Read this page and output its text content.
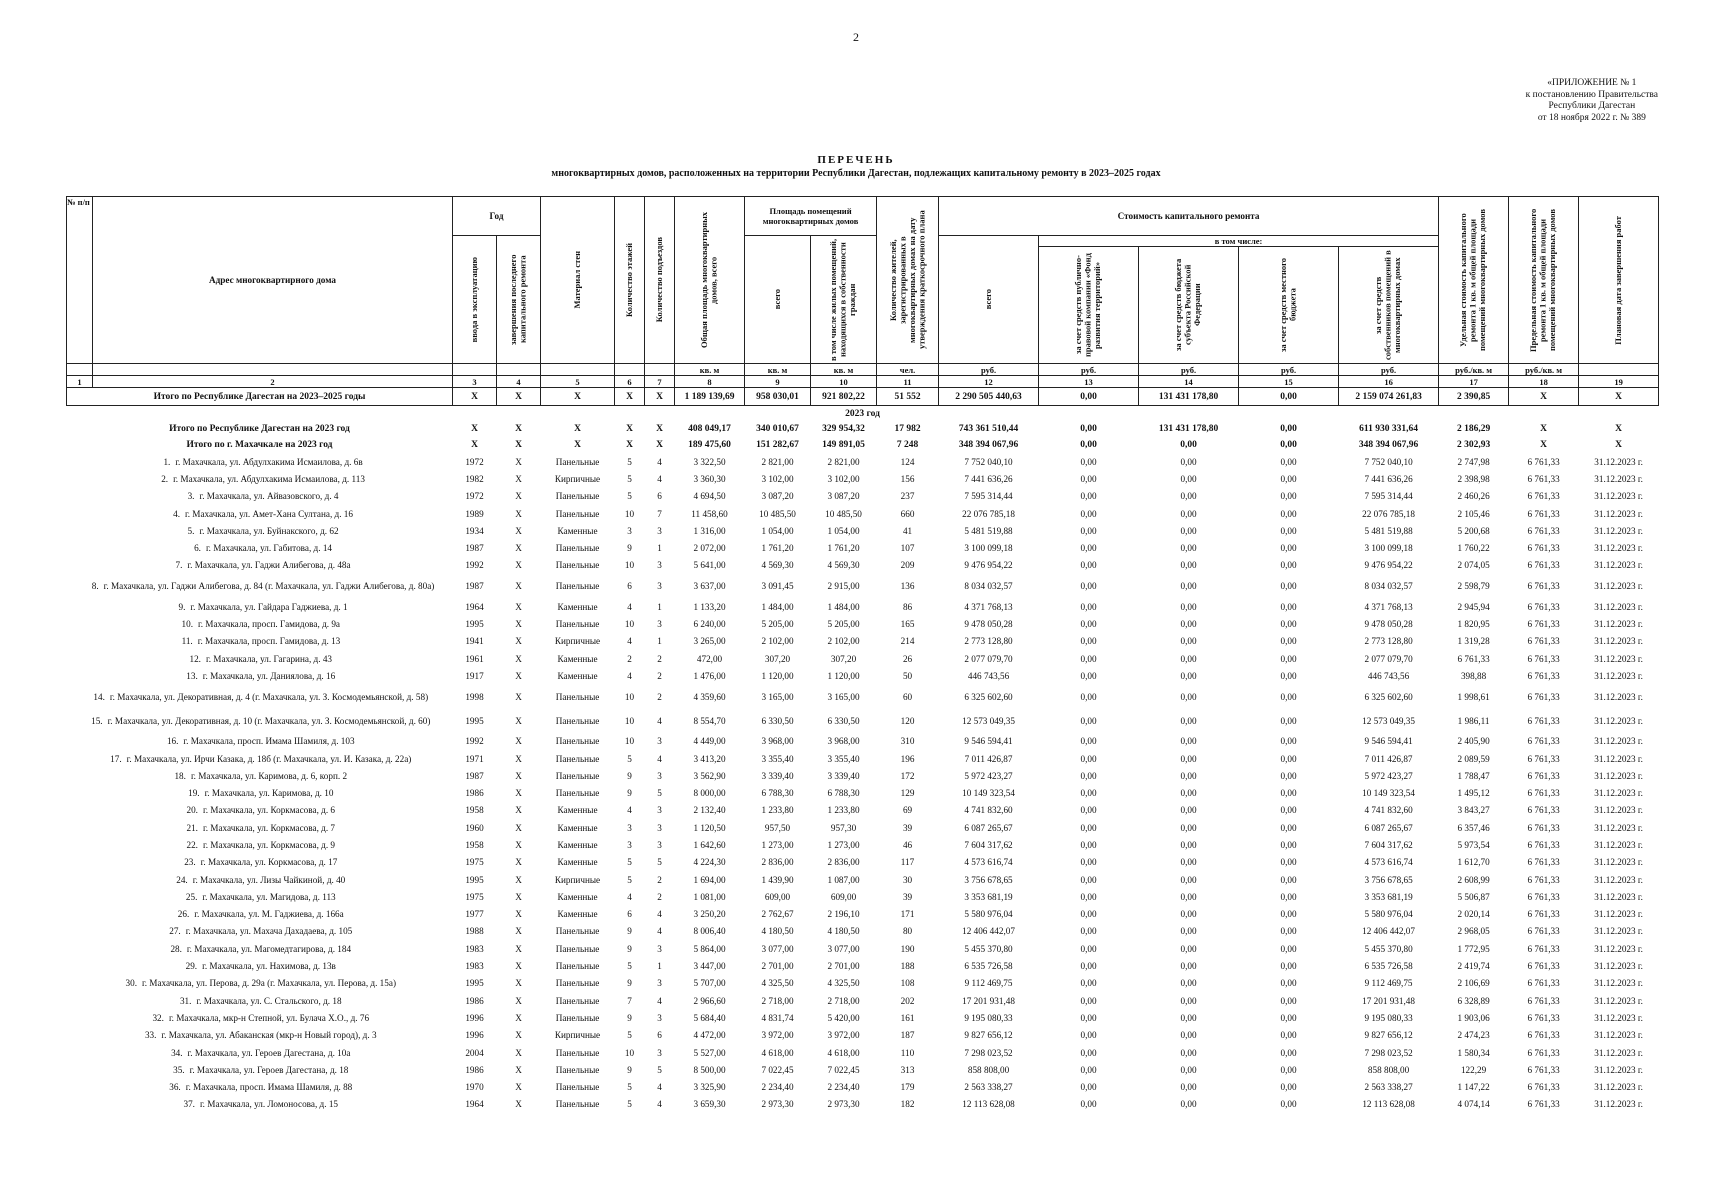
2
«ПРИЛОЖЕНИЕ № 1
к постановлению Правительства
Республики Дагестан
от 18 ноября 2022 г. № 389
ПЕРЕЧЕНЬ
многоквартирных домов, расположенных на территории Республики Дагестан, подлежащих капитальному ремонту в 2023–2025 годах
№ п/п	Адрес многоквартирного дома	Год		Материал стен	Количество этажей	Количество подъездов	Общая площадь многоквартирных домов, всего	Площадь помещений многоквартирных домов		Количество жителей, зарегистрированных в многоквартирных домах на дату утверждения краткосрочного плана	Стоимость капитального ремонта					Удельная стоимость капитального ремонта 1 кв. м общей площади помещений многоквартирных домов	Предельная стоимость капитального ремонта 1 кв. м общей площади помещений многоквартирных домов	Плановая дата завершения работ

		ввода в эксплуатацию	завершения последнего капитального ремонта					всего	в том числе жилых помещений, находящихся в собственности граждан		всего	в том числе:						

												за счет средств публично-правовой компании «Фонд развития территорий»	за счет средств бюджета субъекта Российской Федерации	за счет средств местного бюджета	за счет средств собственников помещений в многоквартирных домах			

							кв. м	кв. м	кв. м	чел.	руб.	руб.	руб.	руб.	руб.	руб./кв. м	руб./кв. м	
1	2	3	4	5	6	7	8	9	10	11	12	13	14	15	16	17	18	19
Итого по Республике Дагестан на 2023–2025 годы		X	X	X	X	X	1 189 139,69	958 030,01	921 802,22	51 552	2 290 505 440,63	0,00	131 431 178,80	0,00	2 159 074 261,83	2 390,85	X	X
2023 год																		
Итого по Республике Дагестан на 2023 год		X	X	X	X	X	408 049,17	340 010,67	329 954,32	17 982	743 361 510,44	0,00	131 431 178,80	0,00	611 930 331,64	2 186,29	X	X
Итого по г. Махачкале на 2023 год		X	X	X	X	X	189 475,60	151 282,67	149 891,05	7 248	348 394 067,96	0,00	0,00	0,00	348 394 067,96	2 302,93	X	X
1. г. Махачкала, ул. Абдулхакима Исмаилова, д. 6в		1972	X	Панельные	5	4	3 322,50	2 821,00	2 821,00	124	7 752 040,10	0,00	0,00	0,00	7 752 040,10	2 747,98	6 761,33	31.12.2023 г.
2. г. Махачкала, ул. Абдулхакима Исмаилова, д. 113		1982	X	Кирпичные	5	4	3 360,30	3 102,00	3 102,00	156	7 441 636,26	0,00	0,00	0,00	7 441 636,26	2 398,98	6 761,33	31.12.2023 г.
3. г. Махачкала, ул. Айвазовского, д. 4		1972	X	Панельные	5	6	4 694,50	3 087,20	3 087,20	237	7 595 314,44	0,00	0,00	0,00	7 595 314,44	2 460,26	6 761,33	31.12.2023 г.
4. г. Махачкала, ул. Амет-Хана Султана, д. 16		1989	X	Панельные	10	7	11 458,60	10 485,50	10 485,50	660	22 076 785,18	0,00	0,00	0,00	22 076 785,18	2 105,46	6 761,33	31.12.2023 г.
5. г. Махачкала, ул. Буйнакского, д. 62		1934	X	Каменные	3	3	1 316,00	1 054,00	1 054,00	41	5 481 519,88	0,00	0,00	0,00	5 481 519,88	5 200,68	6 761,33	31.12.2023 г.
6. г. Махачкала, ул. Габитова, д. 14		1987	X	Панельные	9	1	2 072,00	1 761,20	1 761,20	107	3 100 099,18	0,00	0,00	0,00	3 100 099,18	1 760,22	6 761,33	31.12.2023 г.
7. г. Махачкала, ул. Гаджи Алибегова, д. 48а		1992	X	Панельные	10	3	5 641,00	4 569,30	4 569,30	209	9 476 954,22	0,00	0,00	0,00	9 476 954,22	2 074,05	6 761,33	31.12.2023 г.
8. г. Махачкала, ул. Гаджи Алибегова, д. 84 (г. Махачкала, ул. Гаджи Алибегова, д. 80а)		1987	X	Панельные	6	3	3 637,00	3 091,45	2 915,00	136	8 034 032,57	0,00	0,00	0,00	8 034 032,57	2 598,79	6 761,33	31.12.2023 г.
9. г. Махачкала, ул. Гайдара Гаджиева, д. 1		1964	X	Каменные	4	1	1 133,20	1 484,00	1 484,00	86	4 371 768,13	0,00	0,00	0,00	4 371 768,13	2 945,94	6 761,33	31.12.2023 г.
10. г. Махачкала, просп. Гамидова, д. 9а		1995	X	Панельные	10	3	6 240,00	5 205,00	5 205,00	165	9 478 050,28	0,00	0,00	0,00	9 478 050,28	1 820,95	6 761,33	31.12.2023 г.
11. г. Махачкала, просп. Гамидова, д. 13		1941	X	Кирпичные	4	1	3 265,00	2 102,00	2 102,00	214	2 773 128,80	0,00	0,00	0,00	2 773 128,80	1 319,28	6 761,33	31.12.2023 г.
12. г. Махачкала, ул. Гагарина, д. 43		1961	X	Каменные	2	2	472,00	307,20	307,20	26	2 077 079,70	0,00	0,00	0,00	2 077 079,70	6 761,33	6 761,33	31.12.2023 г.
13. г. Махачкала, ул. Даниялова, д. 16		1917	X	Каменные	4	2	1 476,00	1 120,00	1 120,00	50	446 743,56	0,00	0,00	0,00	446 743,56	398,88	6 761,33	31.12.2023 г.
14. г. Махачкала, ул. Декоративная, д. 4 (г. Махачкала, ул. З. Космодемьянской, д. 58)		1998	X	Панельные	10	2	4 359,60	3 165,00	3 165,00	60	6 325 602,60	0,00	0,00	0,00	6 325 602,60	1 998,61	6 761,33	31.12.2023 г.
15. г. Махачкала, ул. Декоративная, д. 10 (г. Махачкала, ул. З. Космодемьянской, д. 60)		1995	X	Панельные	10	4	8 554,70	6 330,50	6 330,50	120	12 573 049,35	0,00	0,00	0,00	12 573 049,35	1 986,11	6 761,33	31.12.2023 г.
16. г. Махачкала, просп. Имама Шамиля, д. 103		1992	X	Панельные	10	3	4 449,00	3 968,00	3 968,00	310	9 546 594,41	0,00	0,00	0,00	9 546 594,41	2 405,90	6 761,33	31.12.2023 г.
17. г. Махачкала, ул. Ирчи Казака, д. 18б (г. Махачкала, ул. И. Казака, д. 22а)		1971	X	Панельные	5	4	3 413,20	3 355,40	3 355,40	196	7 011 426,87	0,00	0,00	0,00	7 011 426,87	2 089,59	6 761,33	31.12.2023 г.
18. г. Махачкала, ул. Каримова, д. 6, корп. 2		1987	X	Панельные	9	3	3 562,90	3 339,40	3 339,40	172	5 972 423,27	0,00	0,00	0,00	5 972 423,27	1 788,47	6 761,33	31.12.2023 г.
19. г. Махачкала, ул. Каримова, д. 10		1986	X	Панельные	9	5	8 000,00	6 788,30	6 788,30	129	10 149 323,54	0,00	0,00	0,00	10 149 323,54	1 495,12	6 761,33	31.12.2023 г.
20. г. Махачкала, ул. Коркмасова, д. 6		1958	X	Каменные	4	3	2 132,40	1 233,80	1 233,80	69	4 741 832,60	0,00	0,00	0,00	4 741 832,60	3 843,27	6 761,33	31.12.2023 г.
21. г. Махачкала, ул. Коркмасова, д. 7		1960	X	Каменные	3	3	1 120,50	957,50	957,30	39	6 087 265,67	0,00	0,00	0,00	6 087 265,67	6 357,46	6 761,33	31.12.2023 г.
22. г. Махачкала, ул. Коркмасова, д. 9		1958	X	Каменные	3	3	1 642,60	1 273,00	1 273,00	46	7 604 317,62	0,00	0,00	0,00	7 604 317,62	5 973,54	6 761,33	31.12.2023 г.
23. г. Махачкала, ул. Коркмасова, д. 17		1975	X	Каменные	5	5	4 224,30	2 836,00	2 836,00	117	4 573 616,74	0,00	0,00	0,00	4 573 616,74	1 612,70	6 761,33	31.12.2023 г.
24. г. Махачкала, ул. Лизы Чайкиной, д. 40		1995	X	Кирпичные	5	2	1 694,00	1 439,90	1 087,00	30	3 756 678,65	0,00	0,00	0,00	3 756 678,65	2 608,99	6 761,33	31.12.2023 г.
25. г. Махачкала, ул. Магидова, д. 113		1975	X	Каменные	4	2	1 081,00	609,00	609,00	39	3 353 681,19	0,00	0,00	0,00	3 353 681,19	5 506,87	6 761,33	31.12.2023 г.
26. г. Махачкала, ул. М. Гаджиева, д. 166а		1977	X	Каменные	6	4	3 250,20	2 762,67	2 196,10	171	5 580 976,04	0,00	0,00	0,00	5 580 976,04	2 020,14	6 761,33	31.12.2023 г.
27. г. Махачкала, ул. Махача Дахадаева, д. 105		1988	X	Панельные	9	4	8 006,40	4 180,50	4 180,50	80	12 406 442,07	0,00	0,00	0,00	12 406 442,07	2 968,05	6 761,33	31.12.2023 г.
28. г. Махачкала, ул. Магомедтагирова, д. 184		1983	X	Панельные	9	3	5 864,00	3 077,00	3 077,00	190	5 455 370,80	0,00	0,00	0,00	5 455 370,80	1 772,95	6 761,33	31.12.2023 г.
29. г. Махачкала, ул. Нахимова, д. 13в		1983	X	Панельные	5	1	3 447,00	2 701,00	2 701,00	188	6 535 726,58	0,00	0,00	0,00	6 535 726,58	2 419,74	6 761,33	31.12.2023 г.
30. г. Махачкала, ул. Перова, д. 29а (г. Махачкала, ул. Перова, д. 15а)		1995	X	Панельные	9	3	5 707,00	4 325,50	4 325,50	108	9 112 469,75	0,00	0,00	0,00	9 112 469,75	2 106,69	6 761,33	31.12.2023 г.
31. г. Махачкала, ул. С. Стальского, д. 18		1986	X	Панельные	7	4	2 966,60	2 718,00	2 718,00	202	17 201 931,48	0,00	0,00	0,00	17 201 931,48	6 328,89	6 761,33	31.12.2023 г.
32. г. Махачкала, мкр-н Степной, ул. Булача Х.О., д. 76		1996	X	Панельные	9	3	5 684,40	4 831,74	5 420,00	161	9 195 080,33	0,00	0,00	0,00	9 195 080,33	1 903,06	6 761,33	31.12.2023 г.
33. г. Махачкала, ул. Абаканская (мкр-н Новый город), д. 3		1996	X	Кирпичные	5	6	4 472,00	3 972,00	3 972,00	187	9 827 656,12	0,00	0,00	0,00	9 827 656,12	2 474,23	6 761,33	31.12.2023 г.
34. г. Махачкала, ул. Героев Дагестана, д. 10а		2004	X	Панельные	10	3	5 527,00	4 618,00	4 618,00	110	7 298 023,52	0,00	0,00	0,00	7 298 023,52	1 580,34	6 761,33	31.12.2023 г.
35. г. Махачкала, ул. Героев Дагестана, д. 18		1986	X	Панельные	9	5	8 500,00	7 022,45	7 022,45	313	858 808,00	0,00	0,00	0,00	858 808,00	122,29	6 761,33	31.12.2023 г.
36. г. Махачкала, просп. Имама Шамиля, д. 88		1970	X	Панельные	5	4	3 325,90	2 234,40	2 234,40	179	2 563 338,27	0,00	0,00	0,00	2 563 338,27	1 147,22	6 761,33	31.12.2023 г.
37. г. Махачкала, ул. Ломоносова, д. 15		1964	X	Панельные	5	4	3 659,30	2 973,30	2 973,30	182	12 113 628,08	0,00	0,00	0,00	12 113 628,08	4 074,14	6 761,33	31.12.2023 г.
